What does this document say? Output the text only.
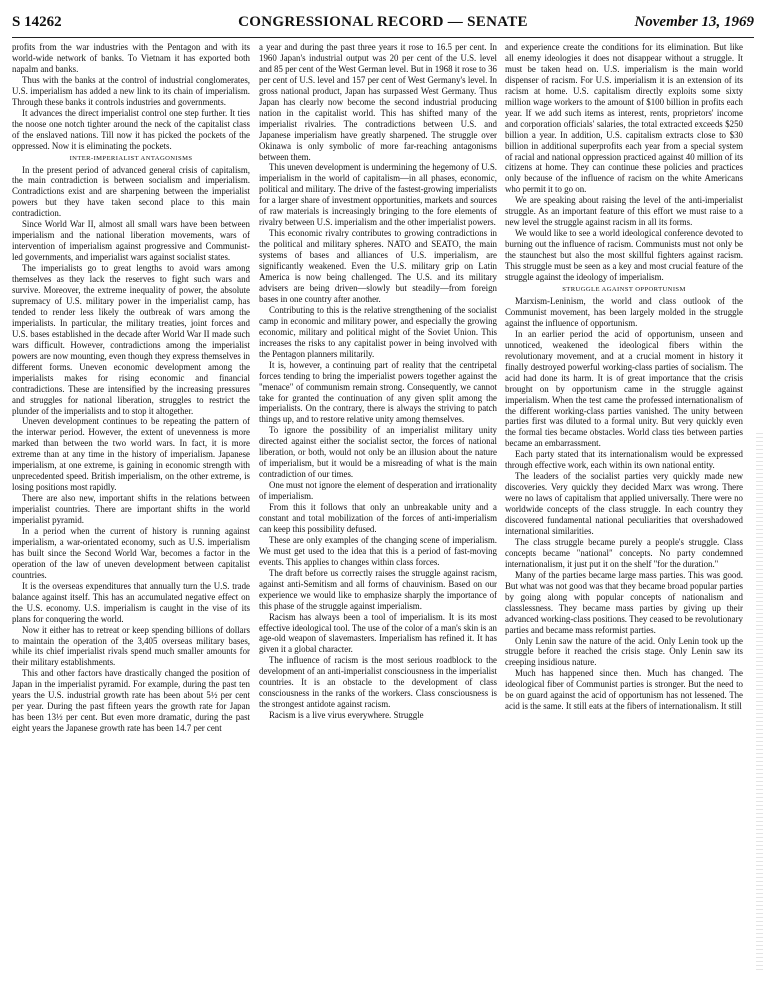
S 14262	CONGRESSIONAL RECORD — SENATE	November 13, 1969

profits from the war industries with the Pentagon and with its world-wide network of banks. To Vietnam it has exported both napalm and banks.

Thus with the banks at the control of industrial conglomerates, U.S. imperialism has added a new link to its chain of imperialism. Through these banks it controls industries and governments.

It advances the direct imperialist control one step further. It ties the noose one notch tighter around the neck of the capitalist class of the enslaved nations. Till now it has picked the pockets of the oppressed. Now it is eliminating the pockets.

INTER-IMPERIALIST ANTAGONISMS

In the present period of advanced general crisis of capitalism, the main contradiction is between socialism and imperialism. Contradictions exist and are sharpening between the imperialist powers but they have taken second place to this main contradiction.

Since World War II, almost all small wars have been between imperialism and the national liberation movements, wars of intervention of imperialism against progressive and Communist-led governments, and imperialist wars against socialist states.

The imperialists go to great lengths to avoid wars among themselves as they lack the reserves to fight such wars and survive. Moreover, the extreme inequality of power, the absolute supremacy of U.S. military power in the imperialist camp, has tended to render less likely the outbreak of wars among the imperialists. In particular, the military treaties, joint forces and U.S. bases established in the decade after World War II made such wars difficult. However, contradictions among the imperialist powers are now mounting, even though they express themselves in different forms. Uneven economic development among the imperialists makes for rising economic and financial contradictions. These are intensified by the increasing pressures and struggles for national liberation, struggles to restrict the plunder of the imperialists and to stop it altogether.

Uneven development continues to be repeating the pattern of the interwar period. However, the extent of unevenness is more marked than between the two world wars. In fact, it is more extreme than at any time in the history of imperialism. Japanese imperialism, at one extreme, is gaining in economic strength with unprecedented speed. British imperialism, on the other extreme, is losing positions most rapidly.

There are also new, important shifts in the relations between imperialist countries. There are important shifts in the world imperialist pyramid.

In a period when the current of history is running against imperialism, a war-orientated economy, such as U.S. imperialism has built since the Second World War, becomes a factor in the operation of the law of uneven development between capitalist countries.

It is the overseas expenditures that annually turn the U.S. trade balance against itself. This has an accumulated negative effect on the U.S. economy. U.S. imperialism is caught in the vise of its plans for conquering the world.

Now it either has to retreat or keep spending billions of dollars to maintain the operation of the 3,405 overseas military bases, while its chief imperialist rivals spend much smaller amounts for their military establishments.

This and other factors have drastically changed the position of Japan in the imperialist pyramid. For example, during the past ten years the U.S. industrial growth rate has been about 5½ per cent per year. During the past fifteen years the growth rate for Japan has been 13½ per cent. But even more dramatic, during the past eight years the Japanese growth rate has been 14.7 per cent

a year and during the past three years it rose to 16.5 per cent. In 1960 Japan's industrial output was 20 per cent of the U.S. level and 85 per cent of the West German level. But in 1968 it rose to 36 per cent of U.S. level and 157 per cent of West Germany's level. In gross national product, Japan has surpassed West Germany. Thus Japan has clearly now become the second industrial producing nation in the capitalist world. This has shifted many of the imperialist rivalries. The contradictions between U.S. and Japanese imperialism have greatly sharpened. The struggle over Okinawa is only symbolic of more far-reaching antagonisms between them.

This uneven development is undermining the hegemony of U.S. imperialism in the world of capitalism—in all phases, economic, political and military. The drive of the fastest-growing imperialists for a larger share of investment opportunities, markets and sources of raw materials is increasingly bringing to the fore elements of rivalry between U.S. imperialism and the other imperialist powers.

This economic rivalry contributes to growing contradictions in the political and military spheres. NATO and SEATO, the main systems of bases and alliances of U.S. imperialism, are significantly weakened. Even the U.S. military grip on Latin America is now being challenged. The U.S. and its military advisers are being driven—slowly but steadily—from foreign bases in one country after another.

Contributing to this is the relative strengthening of the socialist camp in economic and military power, and especially the growing economic, military and political might of the Soviet Union. This increases the risks to any capitalist power in being involved with the Pentagon planners militarily.

It is, however, a continuing part of reality that the centripetal forces tending to bring the imperialist powers together against the "menace" of communism remain strong. Consequently, we cannot take for granted the continuation of any given split among the imperialists. On the contrary, there is always the striving to patch things up, and to restore relative unity among themselves.

To ignore the possibility of an imperialist military unity directed against either the socialist sector, the forces of national liberation, or both, would not only be an illusion about the nature of imperialism, but it would be a misreading of what is the main contradiction of our times.

One must not ignore the element of desperation and irrationality of imperialism.

From this it follows that only an unbreakable unity and a constant and total mobilization of the forces of anti-imperialism can keep this possibility defused.

These are only examples of the changing scene of imperialism. We must get used to the idea that this is a period of fast-moving events. This applies to changes within class forces.

The draft before us correctly raises the struggle against racism, against anti-Semitism and all forms of chauvinism. Based on our experience we would like to emphasize sharply the importance of this phase of the struggle against imperialism.

Racism has always been a tool of imperialism. It is its most effective ideological tool. The use of the color of a man's skin is an age-old weapon of slavemasters. Imperialism has refined it. It has given it a global character.

The influence of racism is the most serious roadblock to the development of an anti-imperialist consciousness in the imperialist countries. It is an obstacle to the development of class consciousness in the ranks of the workers. Class consciousness is the strongest antidote against racism.

Racism is a live virus everywhere. Struggle

and experience create the conditions for its elimination. But like all enemy ideologies it does not disappear without a struggle. It must be taken head on. U.S. imperialism is the main world dispenser of racism. For U.S. imperialism it is an extension of its racism at home. U.S. capitalism directly exploits some sixty million wage workers to the amount of $100 billion in profits each year. If we add such items as interest, rents, proprietors' income and corporation officials' salaries, the total extracted exceeds $250 billion a year. In addition, U.S. capitalism extracts close to $30 billion in additional superprofits each year from a special system of racial and national oppression practiced against 40 million of its citizens at home. They can continue these policies and practices only because of the influence of racism on the white Americans who permit it to go on.

We are speaking about raising the level of the anti-imperialist struggle. As an important feature of this effort we must raise to a new level the struggle against racism in all its forms.

We would like to see a world ideological conference devoted to burning out the influence of racism. Communists must not only be the staunchest but also the most skillful fighters against racism. This struggle must be seen as a key and most crucial feature of the struggle against the ideology of imperialism.

STRUGGLE AGAINST OPPORTUNISM

Marxism-Leninism, the world and class outlook of the Communist movement, has been largely molded in the struggle against the influence of opportunism.

In an earlier period the acid of opportunism, unseen and unnoticed, weakened the ideological fibers within the revolutionary movement, and at a crucial moment in history it finally destroyed powerful working-class parties of socialism. The acid had done its harm. It is of great importance that the crisis brought on by opportunism came in the struggle against imperialism. When the test came the professed internationalism of the different working-class parties vanished. The unity between parties first was diluted to a formal unity. But very quickly even the formal ties became obstacles. World class ties between parties became an embarrassment.

Each party stated that its internationalism would be expressed through effective work, each within its own national entity.

The leaders of the socialist parties very quickly made new discoveries. Very quickly they decided Marx was wrong. There were no laws of capitalism that applied universally. There were no worldwide concepts of the class struggle. In each country they discovered fundamental national peculiarities that overshadowed international similarities.

The class struggle became purely a people's struggle. Class concepts became "national" concepts. No party condemned internationalism, it just put it on the shelf "for the duration."

Many of the parties became large mass parties. This was good. But what was not good was that they became broad popular parties by going along with popular concepts of nationalism and classlessness. They became mass parties by giving up their advanced working-class positions. They ceased to be revolutionary parties and became mass reformist parties.

Only Lenin saw the nature of the acid. Only Lenin took up the struggle before it reached the crisis stage. Only Lenin saw its creeping insidious nature.

Much has happened since then. Much has changed. The ideological fiber of Communist parties is stronger. But the need to be on guard against the acid of opportunism has not lessened. The acid is the same. It still eats at the fibers of internationalism. It still
